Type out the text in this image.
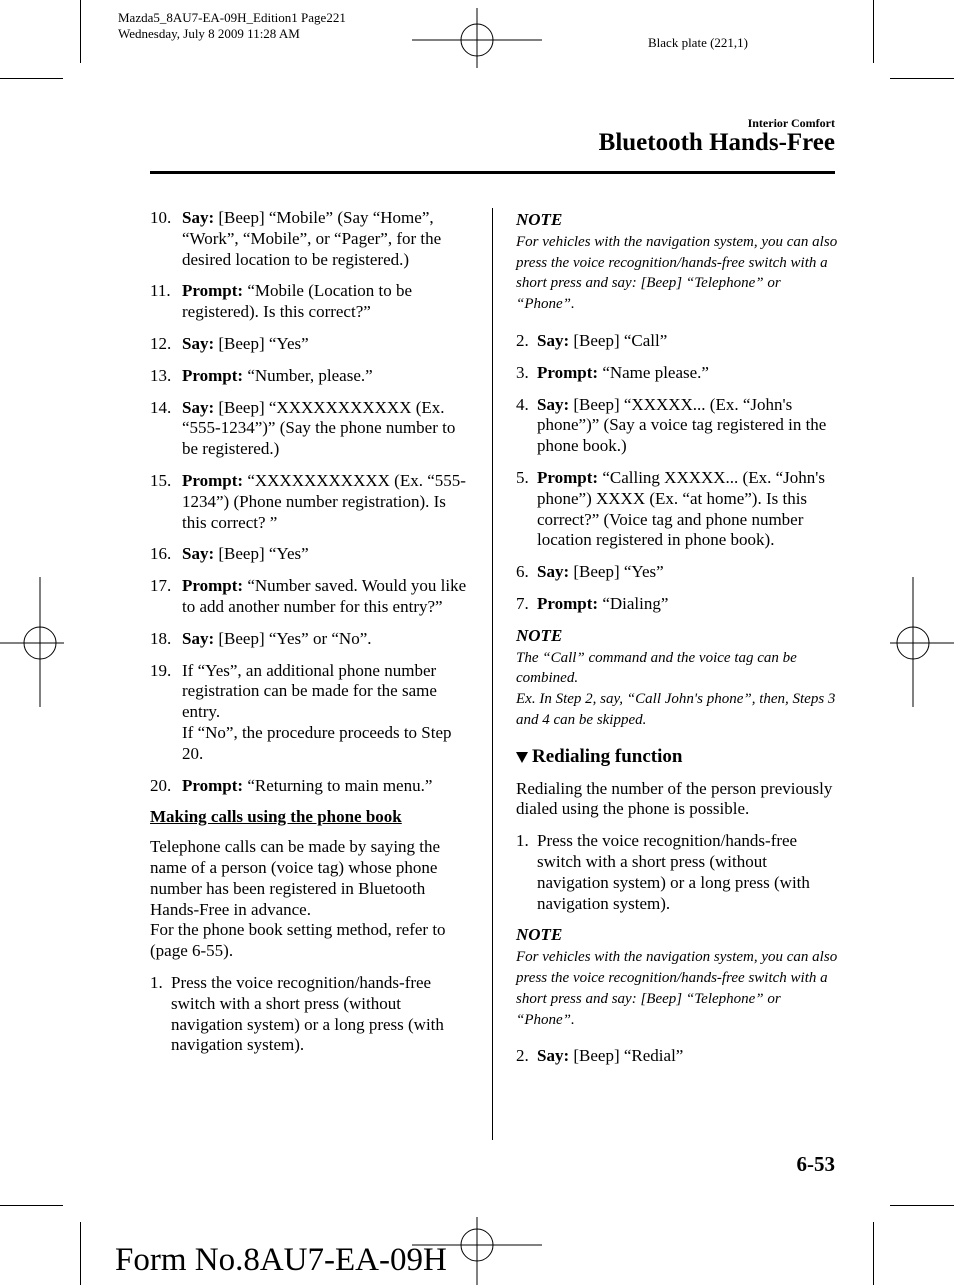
Mazda5_8AU7-EA-09H_Edition1 Page221
Wednesday, July 8 2009 11:28 AM
Black plate (221,1)
Interior Comfort
Bluetooth Hands-Free
10. Say: [Beep] “Mobile” (Say “Home”, “Work”, “Mobile”, or “Pager”, for the desired location to be registered.)
11. Prompt: “Mobile (Location to be registered). Is this correct?”
12. Say: [Beep] “Yes”
13. Prompt: “Number, please.”
14. Say: [Beep] “XXXXXXXXXXX (Ex. “555-1234”)” (Say the phone number to be registered.)
15. Prompt: “XXXXXXXXXXX (Ex. “555-1234”) (Phone number registration). Is this correct? ”
16. Say: [Beep] “Yes”
17. Prompt: “Number saved. Would you like to add another number for this entry?”
18. Say: [Beep] “Yes” or “No”.
19. If “Yes”, an additional phone number registration can be made for the same entry.
If “No”, the procedure proceeds to Step 20.
20. Prompt: “Returning to main menu.”
Making calls using the phone book
Telephone calls can be made by saying the name of a person (voice tag) whose phone number has been registered in Bluetooth Hands-Free in advance.
For the phone book setting method, refer to (page 6-55).
1. Press the voice recognition/hands-free switch with a short press (without navigation system) or a long press (with navigation system).
NOTE
For vehicles with the navigation system, you can also press the voice recognition/hands-free switch with a short press and say: [Beep] “Telephone” or “Phone”.
2. Say: [Beep] “Call”
3. Prompt: “Name please.”
4. Say: [Beep] “XXXXX... (Ex. “John's phone”)” (Say a voice tag registered in the phone book.)
5. Prompt: “Calling XXXXX... (Ex. “John's phone”) XXXX (Ex. “at home”). Is this correct?” (Voice tag and phone number location registered in phone book).
6. Say: [Beep] “Yes”
7. Prompt: “Dialing”
NOTE
The “Call” command and the voice tag can be combined.
Ex. In Step 2, say, “Call John's phone”, then, Steps 3 and 4 can be skipped.
Redialing function
Redialing the number of the person previously dialed using the phone is possible.
1. Press the voice recognition/hands-free switch with a short press (without navigation system) or a long press (with navigation system).
NOTE
For vehicles with the navigation system, you can also press the voice recognition/hands-free switch with a short press and say: [Beep] “Telephone” or “Phone”.
2. Say: [Beep] “Redial”
6-53
Form No.8AU7-EA-09H
